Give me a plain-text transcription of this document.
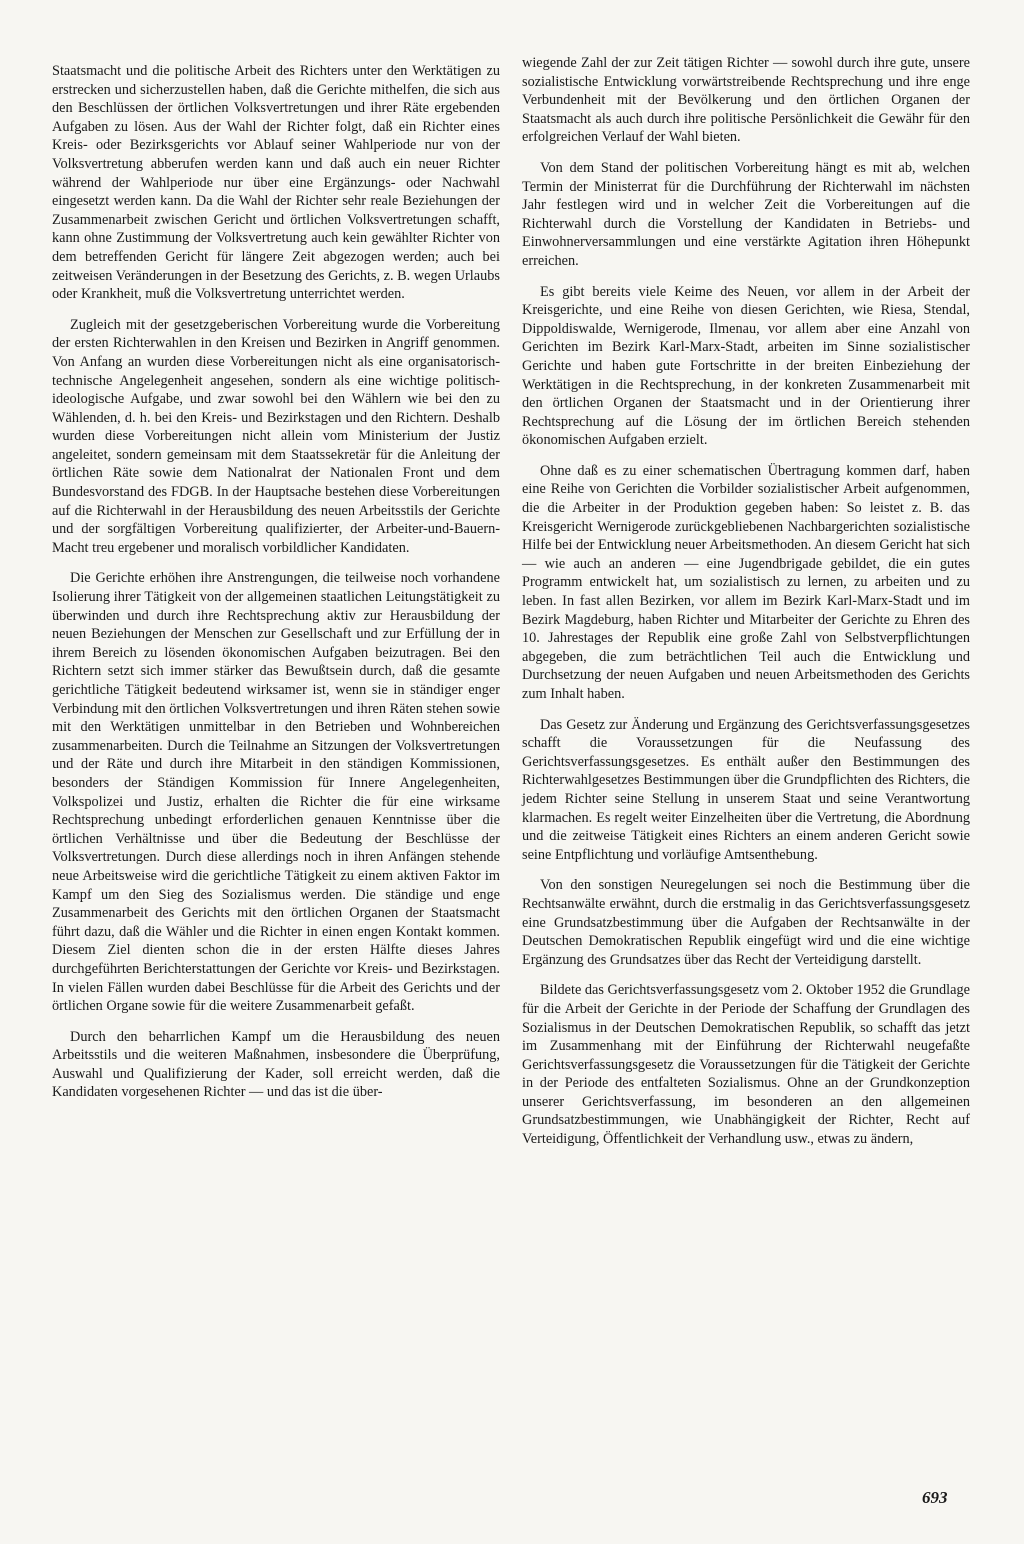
Staatsmacht und die politische Arbeit des Richters unter den Werktätigen zu erstrecken und sicherzustellen haben, daß die Gerichte mithelfen, die sich aus den Beschlüssen der örtlichen Volksvertretungen und ihrer Räte ergebenden Aufgaben zu lösen. Aus der Wahl der Richter folgt, daß ein Richter eines Kreis- oder Bezirksgerichts vor Ablauf seiner Wahlperiode nur von der Volksvertretung abberufen werden kann und daß auch ein neuer Richter während der Wahlperiode nur über eine Ergänzungs- oder Nachwahl eingesetzt werden kann. Da die Wahl der Richter sehr reale Beziehungen der Zusammenarbeit zwischen Gericht und örtlichen Volksvertretungen schafft, kann ohne Zustimmung der Volksvertretung auch kein gewählter Richter von dem betreffenden Gericht für längere Zeit abgezogen werden; auch bei zeitweisen Veränderungen in der Besetzung des Gerichts, z. B. wegen Urlaubs oder Krankheit, muß die Volksvertretung unterrichtet werden.

Zugleich mit der gesetzgeberischen Vorbereitung wurde die Vorbereitung der ersten Richterwahlen in den Kreisen und Bezirken in Angriff genommen. Von Anfang an wurden diese Vorbereitungen nicht als eine organisatorisch-technische Angelegenheit angesehen, sondern als eine wichtige politisch-ideologische Aufgabe, und zwar sowohl bei den Wählern wie bei den zu Wählenden, d. h. bei den Kreis- und Bezirkstagen und den Richtern. Deshalb wurden diese Vorbereitungen nicht allein vom Ministerium der Justiz angeleitet, sondern gemeinsam mit dem Staatssekretär für die Anleitung der örtlichen Räte sowie dem Nationalrat der Nationalen Front und dem Bundesvorstand des FDGB. In der Hauptsache bestehen diese Vorbereitungen auf die Richterwahl in der Herausbildung des neuen Arbeitsstils der Gerichte und der sorgfältigen Vorbereitung qualifizierter, der Arbeiter-und-Bauern-Macht treu ergebener und moralisch vorbildlicher Kandidaten.

Die Gerichte erhöhen ihre Anstrengungen, die teilweise noch vorhandene Isolierung ihrer Tätigkeit von der allgemeinen staatlichen Leitungstätigkeit zu überwinden und durch ihre Rechtsprechung aktiv zur Herausbildung der neuen Beziehungen der Menschen zur Gesellschaft und zur Erfüllung der in ihrem Bereich zu lösenden ökonomischen Aufgaben beizutragen. Bei den Richtern setzt sich immer stärker das Bewußtsein durch, daß die gesamte gerichtliche Tätigkeit bedeutend wirksamer ist, wenn sie in ständiger enger Verbindung mit den örtlichen Volksvertretungen und ihren Räten stehen sowie mit den Werktätigen unmittelbar in den Betrieben und Wohnbereichen zusammenarbeiten. Durch die Teilnahme an Sitzungen der Volksvertretungen und der Räte und durch ihre Mitarbeit in den ständigen Kommissionen, besonders der Ständigen Kommission für Innere Angelegenheiten, Volkspolizei und Justiz, erhalten die Richter die für eine wirksame Rechtsprechung unbedingt erforderlichen genauen Kenntnisse über die örtlichen Verhältnisse und über die Bedeutung der Beschlüsse der Volksvertretungen. Durch diese allerdings noch in ihren Anfängen stehende neue Arbeitsweise wird die gerichtliche Tätigkeit zu einem aktiven Faktor im Kampf um den Sieg des Sozialismus werden. Die ständige und enge Zusammenarbeit des Gerichts mit den örtlichen Organen der Staatsmacht führt dazu, daß die Wähler und die Richter in einen engen Kontakt kommen. Diesem Ziel dienten schon die in der ersten Hälfte dieses Jahres durchgeführten Berichterstattungen der Gerichte vor Kreis- und Bezirkstagen. In vielen Fällen wurden dabei Beschlüsse für die Arbeit des Gerichts und der örtlichen Organe sowie für die weitere Zusammenarbeit gefaßt.

Durch den beharrlichen Kampf um die Herausbildung des neuen Arbeitsstils und die weiteren Maßnahmen, insbesondere die Überprüfung, Auswahl und Qualifizierung der Kader, soll erreicht werden, daß die Kandidaten vorgesehenen Richter — und das ist die über-

wiegende Zahl der zur Zeit tätigen Richter — sowohl durch ihre gute, unsere sozialistische Entwicklung vorwärtstreibende Rechtsprechung und ihre enge Verbundenheit mit der Bevölkerung und den örtlichen Organen der Staatsmacht als auch durch ihre politische Persönlichkeit die Gewähr für den erfolgreichen Verlauf der Wahl bieten.

Von dem Stand der politischen Vorbereitung hängt es mit ab, welchen Termin der Ministerrat für die Durchführung der Richterwahl im nächsten Jahr festlegen wird und in welcher Zeit die Vorbereitungen auf die Richterwahl durch die Vorstellung der Kandidaten in Betriebs- und Einwohnerversammlungen und eine verstärkte Agitation ihren Höhepunkt erreichen.

Es gibt bereits viele Keime des Neuen, vor allem in der Arbeit der Kreisgerichte, und eine Reihe von diesen Gerichten, wie Riesa, Stendal, Dippoldiswalde, Wernigerode, Ilmenau, vor allem aber eine Anzahl von Gerichten im Bezirk Karl-Marx-Stadt, arbeiten im Sinne sozialistischer Gerichte und haben gute Fortschritte in der breiten Einbeziehung der Werktätigen in die Rechtsprechung, in der konkreten Zusammenarbeit mit den örtlichen Organen der Staatsmacht und in der Orientierung ihrer Rechtsprechung auf die Lösung der im örtlichen Bereich stehenden ökonomischen Aufgaben erzielt.

Ohne daß es zu einer schematischen Übertragung kommen darf, haben eine Reihe von Gerichten die Vorbilder sozialistischer Arbeit aufgenommen, die die Arbeiter in der Produktion gegeben haben: So leistet z. B. das Kreisgericht Wernigerode zurückgebliebenen Nachbargerichten sozialistische Hilfe bei der Entwicklung neuer Arbeitsmethoden. An diesem Gericht hat sich — wie auch an anderen — eine Jugendbrigade gebildet, die ein gutes Programm entwickelt hat, um sozialistisch zu lernen, zu arbeiten und zu leben. In fast allen Bezirken, vor allem im Bezirk Karl-Marx-Stadt und im Bezirk Magdeburg, haben Richter und Mitarbeiter der Gerichte zu Ehren des 10. Jahrestages der Republik eine große Zahl von Selbstverpflichtungen abgegeben, die zum beträchtlichen Teil auch die Entwicklung und Durchsetzung der neuen Aufgaben und neuen Arbeitsmethoden des Gerichts zum Inhalt haben.

Das Gesetz zur Änderung und Ergänzung des Gerichtsverfassungsgesetzes schafft die Voraussetzungen für die Neufassung des Gerichtsverfassungsgesetzes. Es enthält außer den Bestimmungen des Richterwahlgesetzes Bestimmungen über die Grundpflichten des Richters, die jedem Richter seine Stellung in unserem Staat und seine Verantwortung klarmachen. Es regelt weiter Einzelheiten über die Vertretung, die Abordnung und die zeitweise Tätigkeit eines Richters an einem anderen Gericht sowie seine Entpflichtung und vorläufige Amtsenthebung.

Von den sonstigen Neuregelungen sei noch die Bestimmung über die Rechtsanwälte erwähnt, durch die erstmalig in das Gerichtsverfassungsgesetz eine Grundsatzbestimmung über die Aufgaben der Rechtsanwälte in der Deutschen Demokratischen Republik eingefügt wird und die eine wichtige Ergänzung des Grundsatzes über das Recht der Verteidigung darstellt.

Bildete das Gerichtsverfassungsgesetz vom 2. Oktober 1952 die Grundlage für die Arbeit der Gerichte in der Periode der Schaffung der Grundlagen des Sozialismus in der Deutschen Demokratischen Republik, so schafft das jetzt im Zusammenhang mit der Einführung der Richterwahl neugefaßte Gerichtsverfassungsgesetz die Voraussetzungen für die Tätigkeit der Gerichte in der Periode des entfalteten Sozialismus. Ohne an der Grundkonzeption unserer Gerichtsverfassung, im besonderen an den allgemeinen Grundsatzbestimmungen, wie Unabhängigkeit der Richter, Recht auf Verteidigung, Öffentlichkeit der Verhandlung usw., etwas zu ändern,

693
